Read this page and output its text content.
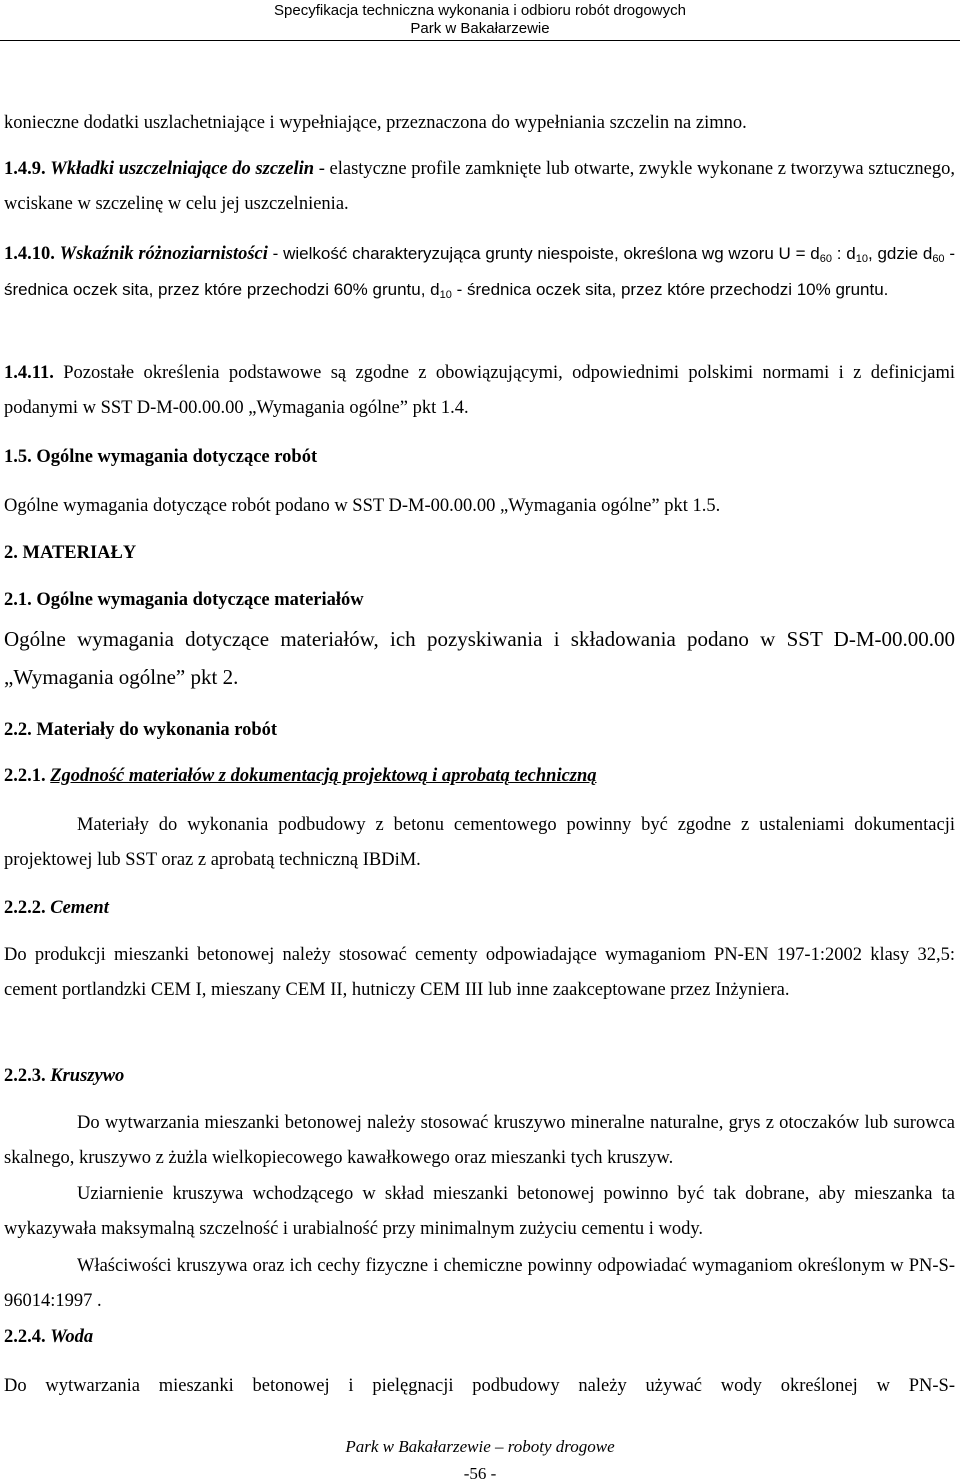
Specyfikacja techniczna wykonania i odbioru robót drogowych
Park w Bakałarzewie

konieczne dodatki uszlachetniające i wypełniające, przeznaczona do wypełniania szczelin na zimno.

1.4.9. Wkładki uszczelniające do szczelin - elastyczne profile zamknięte lub otwarte, zwykle wykonane z tworzywa sztucznego, wciskane w szczelinę w celu jej uszczelnienia.

1.4.10. Wskaźnik różnoziarnistości - wielkość charakteryzująca grunty niespoiste, określona wg wzoru $U = d_{60}$ : $d_{10}$, gdzie $d_{60}$ - średnica oczek sita, przez które przechodzi 60% gruntu, $d_{10}$ - średnica oczek sita, przez które przechodzi 10% gruntu.

1.4.11. Pozostałe określenia podstawowe są zgodne z obowiązującymi, odpowiednimi polskimi normami i z definicjami podanymi w SST D-M-00.00.00 „Wymagania ogólne” pkt 1.4.

1.5. Ogólne wymagania dotyczące robót

Ogólne wymagania dotyczące robót podano w SST D-M-00.00.00 „Wymagania ogólne” pkt 1.5.

2. MATERIAŁY

2.1. Ogólne wymagania dotyczące materiałów

Ogólne wymagania dotyczące materiałów, ich pozyskiwania i składowania podano w SST D-M-00.00.00 „Wymagania ogólne” pkt 2.

2.2. Materiały do wykonania robót

2.2.1. Zgodność materiałów z dokumentacją projektową i aprobatą techniczną

Materiały do wykonania podbudowy z betonu cementowego powinny być zgodne z ustaleniami dokumentacji projektowej lub SST oraz z aprobatą techniczną IBDiM.

2.2.2. Cement

Do produkcji mieszanki betonowej należy stosować cementy odpowiadające wymaganiom PN-EN 197-1:2002 klasy 32,5: cement portlandzki CEM I, mieszany CEM II, hutniczy CEM III lub inne zaakceptowane przez Inżyniera.

2.2.3. Kruszywo

Do wytwarzania mieszanki betonowej należy stosować kruszywo mineralne naturalne, grys z otoczaków lub surowca skalnego, kruszywo z żużla wielkopiecowego kawałkowego oraz mieszanki tych kruszyw.

Uziarnienie kruszywa wchodzącego w skład mieszanki betonowej powinno być tak dobrane, aby mieszanka ta wykazywała maksymalną szczelność i urabialność przy minimalnym zużyciu cementu i wody.

Właściwości kruszywa oraz ich cechy fizyczne i chemiczne powinny odpowiadać wymaganiom określonym w PN-S-96014:1997 .

2.2.4. Woda

Do wytwarzania mieszanki betonowej i pielęgnacji podbudowy należy używać wody określonej w PN-S-

Park w Bakałarzewie – roboty drogowe
-56 -
